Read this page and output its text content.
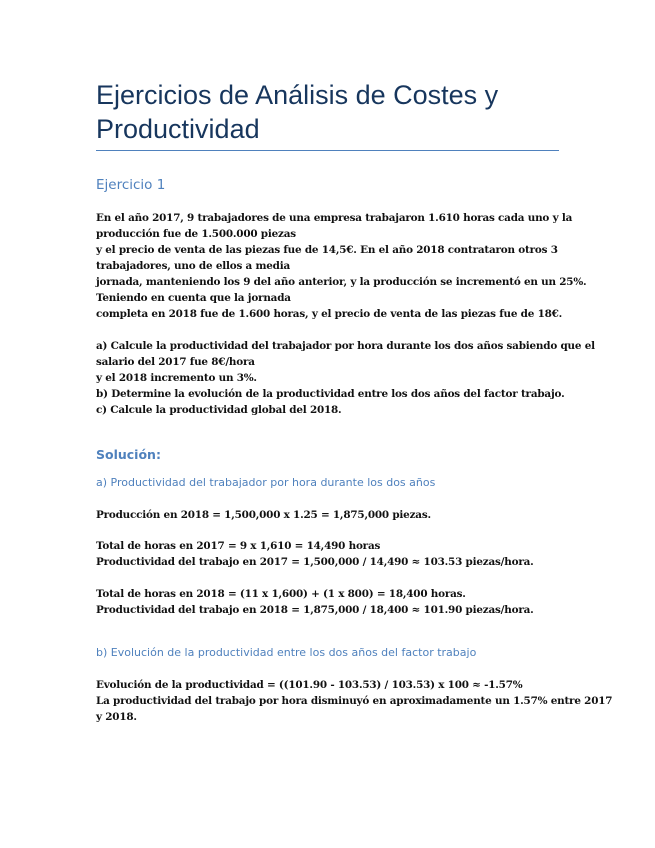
Ejercicios de Análisis de Costes y
Productividad
Ejercicio 1
En el año 2017, 9 trabajadores de una empresa trabajaron 1.610 horas cada uno y la
producción fue de 1.500.000 piezas
y el precio de venta de las piezas fue de 14,5€. En el año 2018 contrataron otros 3
trabajadores, uno de ellos a media
jornada, manteniendo los 9 del año anterior, y la producción se incrementó en un 25%.
Teniendo en cuenta que la jornada
completa en 2018 fue de 1.600 horas, y el precio de venta de las piezas fue de 18€.
a) Calcule la productividad del trabajador por hora durante los dos años sabiendo que el
salario del 2017 fue 8€/hora
y el 2018 incremento un 3%.
b) Determine la evolución de la productividad entre los dos años del factor trabajo.
c) Calcule la productividad global del 2018.
Solución:
a) Productividad del trabajador por hora durante los dos años
Producción en 2018 = 1,500,000 x 1.25 = 1,875,000 piezas.
Total de horas en 2017 = 9 x 1,610 = 14,490 horas
Productividad del trabajo en 2017 = 1,500,000 / 14,490 ≈ 103.53 piezas/hora.
Total de horas en 2018 = (11 x 1,600) + (1 x 800) = 18,400 horas.
Productividad del trabajo en 2018 = 1,875,000 / 18,400 ≈ 101.90 piezas/hora.
b) Evolución de la productividad entre los dos años del factor trabajo
Evolución de la productividad = ((101.90 - 103.53) / 103.53) x 100 ≈ -1.57%
La productividad del trabajo por hora disminuyó en aproximadamente un 1.57% entre 2017
y 2018.
